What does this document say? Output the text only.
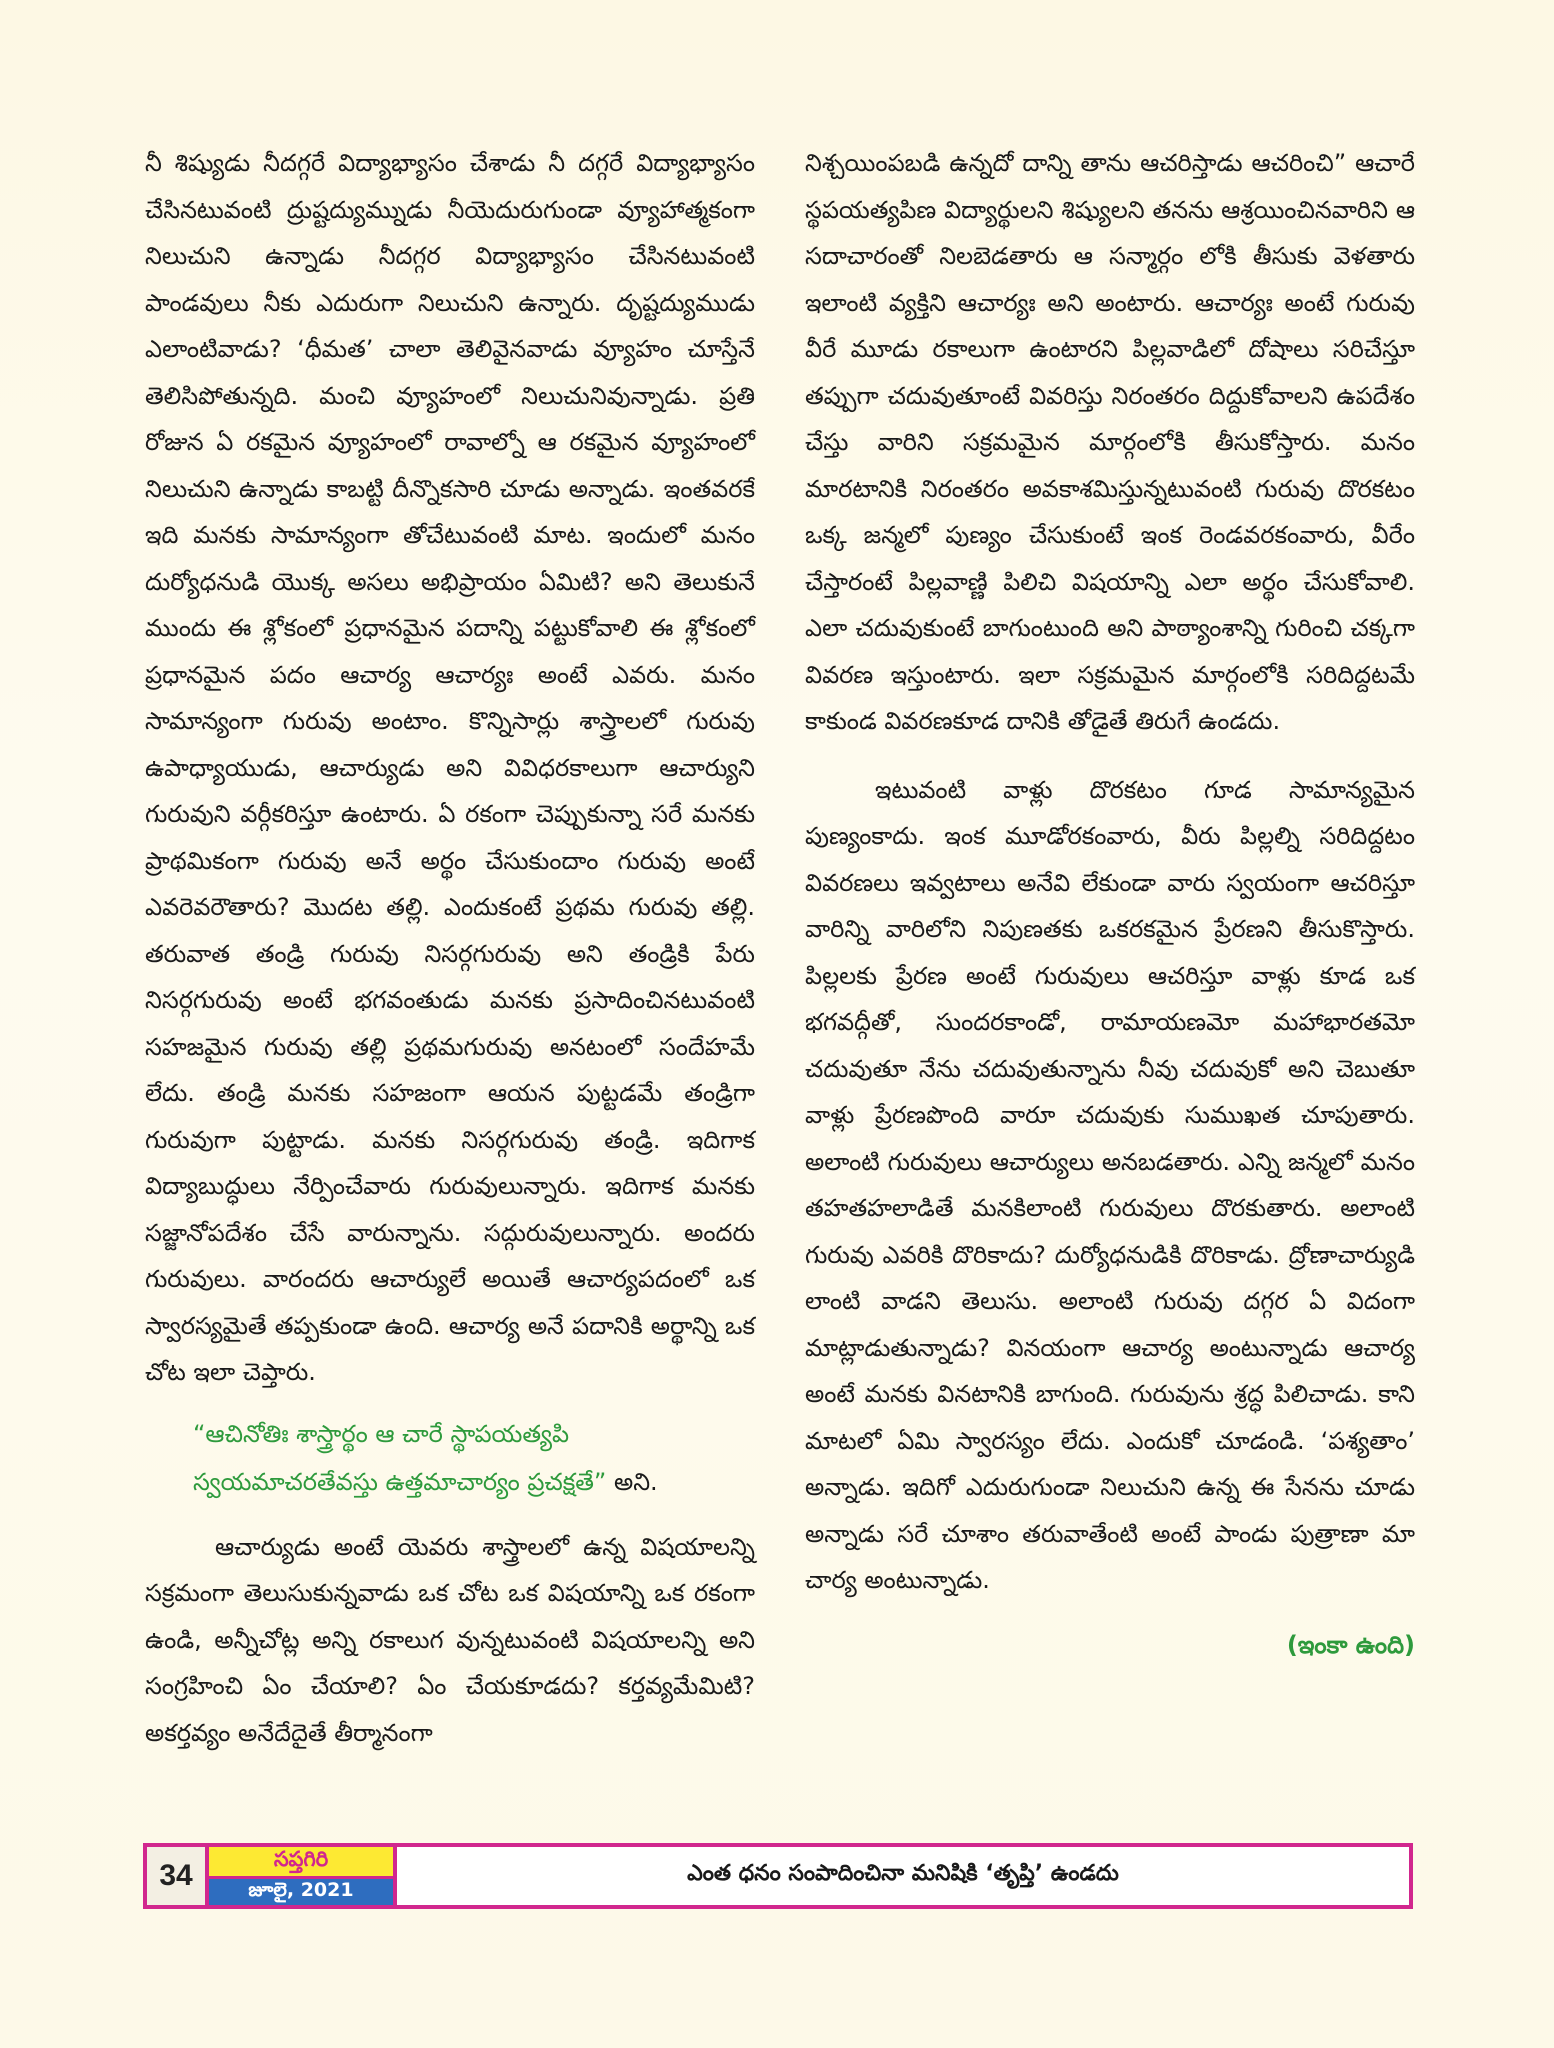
నీ శిష్యుడు నీదగ్గరే విద్యాభ్యాసం చేశాడు నీ దగ్గరే విద్యాభ్యాసం చేసినటువంటి ద్రుష్టద్యుమ్నుడు నీయెదురుగుండా వ్యూహాత్మకంగా నిలుచుని ఉన్నాడు నీదగ్గర విద్యాభ్యాసం చేసినటువంటి పాండవులు నీకు ఎదురుగా నిలుచుని ఉన్నారు. దృష్టద్యుముడు ఎలాంటివాడు? ‘ధీమత’ చాలా తెలివైనవాడు వ్యూహం చూస్తేనే తెలిసిపోతున్నది. మంచి వ్యూహంలో నిలుచునివున్నాడు. ప్రతి రోజున ఏ రకమైన వ్యూహంలో రావాల్నో ఆ రకమైన వ్యూహంలో నిలుచుని ఉన్నాడు కాబట్టి దీన్నొకసారి చూడు అన్నాడు. ఇంతవరకే ఇది మనకు సామాన్యంగా తోచేటువంటి మాట. ఇందులో మనం దుర్యోధనుడి యొక్క అసలు అభిప్రాయం ఏమిటి? అని తెలుకునే ముందు ఈ శ్లోకంలో ప్రధానమైన పదాన్ని పట్టుకోవాలి ఈ శ్లోకంలో ప్రధానమైన పదం ఆచార్య ఆచార్యః అంటే ఎవరు. మనం సామాన్యంగా గురువు అంటాం. కొన్నిసార్లు శాస్త్రాలలో గురువు ఉపాధ్యాయుడు, ఆచార్యుడు అని వివిధరకాలుగా ఆచార్యుని గురువుని వర్గీకరిస్తూ ఉంటారు. ఏ రకంగా చెప్పుకున్నా సరే మనకు ప్రాథమికంగా గురువు అనే అర్థం చేసుకుందాం గురువు అంటే ఎవరెవరౌతారు? మొదట తల్లి. ఎందుకంటే ప్రథమ గురువు తల్లి. తరువాత తండ్రి గురువు నిసర్గగురువు అని తండ్రికి పేరు నిసర్గగురువు అంటే భగవంతుడు మనకు ప్రసాదించినటువంటి సహజమైన గురువు తల్లి ప్రథమగురువు అనటంలో సందేహమే లేదు. తండ్రి మనకు సహజంగా ఆయన పుట్టడమే తండ్రిగా గురువుగా పుట్టాడు. మనకు నిసర్గగురువు తండ్రి. ఇదిగాక విద్యాబుద్ధులు నేర్పించేవారు గురువులున్నారు. ఇదిగాక మనకు సజ్జానోపదేశం చేసే వారున్నాను. సద్గురువులున్నారు. అందరు గురువులు. వారందరు ఆచార్యులే అయితే ఆచార్యపదంలో ఒక స్వారస్యమైతే తప్పకుండా ఉంది. ఆచార్య అనే పదానికి అర్థాన్ని ఒక చోట ఇలా చెప్తారు.

“ఆచినోతిః శాస్త్రార్థం ఆ చారే స్థాపయత్యపి
స్వయమాచరతేవస్తు ఉత్తమాచార్యం ప్రచక్షతే” అని.

ఆచార్యుడు అంటే యెవరు శాస్త్రాలలో ఉన్న విషయాలన్ని సక్రమంగా తెలుసుకున్నవాడు ఒక చోట ఒక విషయాన్ని ఒక రకంగా ఉండి, అన్నీచోట్ల అన్ని రకాలుగ వున్నటువంటి విషయాలన్ని అని సంగ్రహించి ఏం చేయాలి? ఏం చేయకూడదు? కర్తవ్యమేమిటి? అకర్తవ్యం అనేదేదైతే తీర్మానంగా

నిశ్చయింపబడి ఉన్నదో దాన్ని తాను ఆచరిస్తాడు ఆచరించి” ఆచారే స్థపయత్యపిణ విద్యార్థులని శిష్యులని తనను ఆశ్రయించినవారిని ఆ సదాచారంతో నిలబెడతారు ఆ సన్మార్గం లోకి తీసుకు వెళతారు ఇలాంటి వ్యక్తిని ఆచార్యః అని అంటారు. ఆచార్యః అంటే గురువు వీరే మూడు రకాలుగా ఉంటారని పిల్లవాడిలో దోషాలు సరిచేస్తూ తప్పుగా చదువుతూంటే వివరిస్తు నిరంతరం దిద్దుకోవాలని ఉపదేశం చేస్తు వారిని సక్రమమైన మార్గంలోకి తీసుకోస్తారు. మనం మారటానికి నిరంతరం అవకాశమిస్తున్నటువంటి గురువు దొరకటం ఒక్క జన్మలో పుణ్యం చేసుకుంటే ఇంక రెండవరకంవారు, వీరేం చేస్తారంటే పిల్లవాణ్ణి పిలిచి విషయాన్ని ఎలా అర్థం చేసుకోవాలి. ఎలా చదువుకుంటే బాగుంటుంది అని పాఠ్యాంశాన్ని గురించి చక్కగా వివరణ ఇస్తుంటారు. ఇలా సక్రమమైన మార్గంలోకి సరిదిద్దటమే కాకుండ వివరణకూడ దానికి తోడైతే తిరుగే ఉండదు.

ఇటువంటి వాళ్లు దొరకటం గూడ సామాన్యమైన పుణ్యంకాదు. ఇంక మూడోరకంవారు, వీరు పిల్లల్ని సరిదిద్దటం వివరణలు ఇవ్వటాలు అనేవి లేకుండా వారు స్వయంగా ఆచరిస్తూ వారిన్ని వారిలోని నిపుణతకు ఒకరకమైన ప్రేరణని తీసుకొస్తారు. పిల్లలకు ప్రేరణ అంటే గురువులు ఆచరిస్తూ వాళ్లు కూడ ఒక భగవద్గీతో, సుందరకాండో, రామాయణమో మహాభారతమో చదువుతూ నేను చదువుతున్నాను నీవు చదువుకో అని చెబుతూ వాళ్లు ప్రేరణపొంది వారూ చదువుకు సుముఖత చూపుతారు. అలాంటి గురువులు ఆచార్యులు అనబడతారు. ఎన్ని జన్మలో మనం తహతహలాడితే మనకిలాంటి గురువులు దొరకుతారు. అలాంటి గురువు ఎవరికి దొరికాదు? దుర్యోధనుడికి దొరికాడు. ద్రోణాచార్యుడి లాంటి వాడని తెలుసు. అలాంటి గురువు దగ్గర ఏ విదంగా మాట్లాడుతున్నాడు? వినయంగా ఆచార్య అంటున్నాడు ఆచార్య అంటే మనకు వినటానికి బాగుంది. గురువును శ్రద్ధ పిలిచాడు. కాని మాటలో ఏమి స్వారస్యం లేదు. ఎందుకో చూడండి. ‘పశ్యతాం’ అన్నాడు. ఇదిగో ఎదురుగుండా నిలుచుని ఉన్న ఈ సేనను చూడు అన్నాడు సరే చూశాం తరువాతేంటి అంటే పాండు పుత్రాణా మా చార్య అంటున్నాడు.

(ఇంకా ఉంది)

34
సప్తగిరి
జూలై, 2021
ఎంత ధనం సంపాదించినా మనిషికి ‘తృప్తి’ ఉండదు
